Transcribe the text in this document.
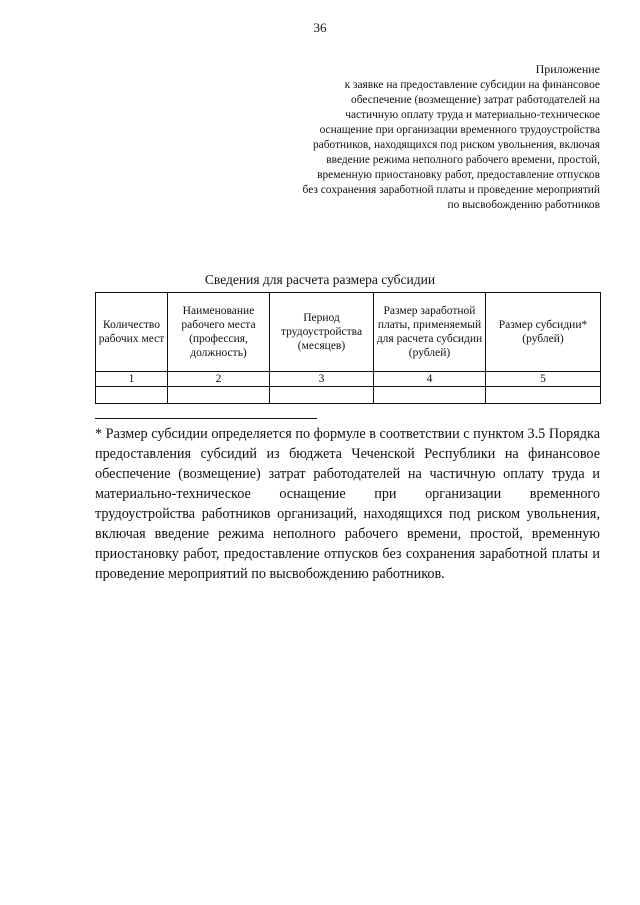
36
Приложение
к заявке на предоставление субсидии на финансовое обеспечение (возмещение) затрат работодателей на частичную оплату труда и материально-техническое оснащение при организации временного трудоустройства работников, находящихся под риском увольнения, включая введение режима неполного рабочего времени, простой, временную приостановку работ, предоставление отпусков без сохранения заработной платы и проведение мероприятий по высвобождению работников
Сведения для расчета размера субсидии
Количество рабочих мест	Наименование рабочего места (профессия, должность)	Период трудоустройства (месяцев)	Размер заработной платы, применяемый для расчета субсидии (рублей)	Размер субсидии* (рублей)
1	2	3	4	5

* Размер субсидии определяется по формуле в соответствии с пунктом 3.5 Порядка предоставления субсидий из бюджета Чеченской Республики на финансовое обеспечение (возмещение) затрат работодателей на частичную оплату труда и материально-техническое оснащение при организации временного трудоустройства работников организаций, находящихся под риском увольнения, включая введение режима неполного рабочего времени, простой, временную приостановку работ, предоставление отпусков без сохранения заработной платы и проведение мероприятий по высвобождению работников.
